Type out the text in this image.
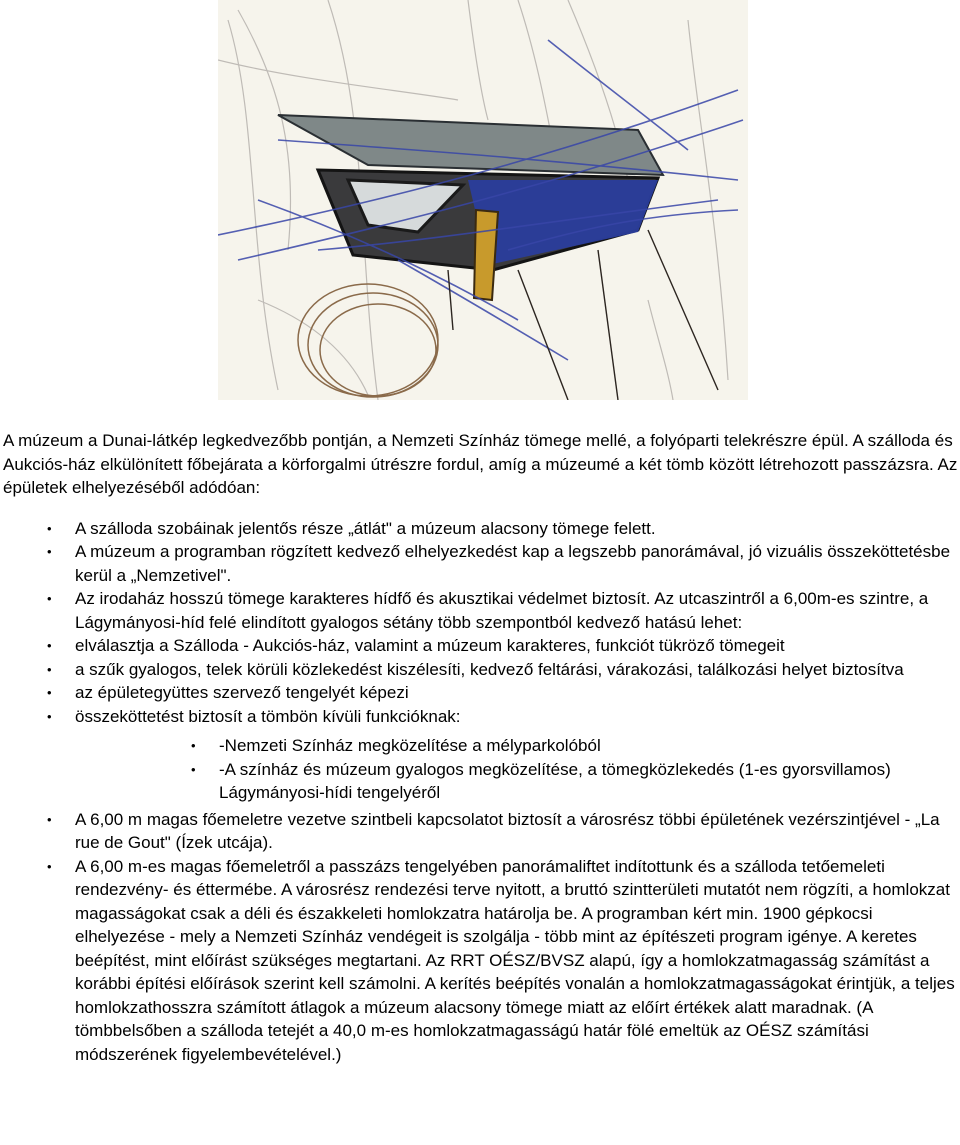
A múzeum a Dunai-látkép legkedvezőbb pontján, a Nemzeti Színház tömege mellé, a folyóparti telekrészre épül. A szálloda és Aukciós-ház elkülönített főbejárata a körforgalmi útrészre fordul, amíg a múzeumé a két tömb között létrehozott passzázsra. Az épületek elhelyezéséből adódóan:

• A szálloda szobáinak jelentős része „átlát" a múzeum alacsony tömege felett.
• A múzeum a programban rögzített kedvező elhelyezkedést kap a legszebb panorámával, jó vizuális összeköttetésbe kerül a „Nemzetivel".
• Az irodaház hosszú tömege karakteres hídfő és akusztikai védelmet biztosít. Az utcaszintről a 6,00m-es szintre, a Lágymányosi-híd felé elindított gyalogos sétány több szempontból kedvező hatású lehet:
• elválasztja a Szálloda - Aukciós-ház, valamint a múzeum karakteres, funkciót tükröző tömegeit
• a szűk gyalogos, telek körüli közlekedést kiszélesíti, kedvező feltárási, várakozási, találkozási helyet biztosítva
• az épületegyüttes szervező tengelyét képezi
• összeköttetést biztosít a tömbön kívüli funkcióknak:
• -Nemzeti Színház megközelítése a mélyparkolóból
• -A színház és múzeum gyalogos megközelítése, a tömegközlekedés (1-es gyorsvillamos) Lágymányosi-hídi tengelyéről
• A 6,00 m magas főemeletre vezetve szintbeli kapcsolatot biztosít a városrész többi épületének vezérszintjével - „La rue de Gout" (Ízek utcája).
• A 6,00 m-es magas főemeletről a passzázs tengelyében panorámaliftet indítottunk és a szálloda tetőemeleti rendezvény- és éttermébe. A városrész rendezési terve nyitott, a bruttó szintterületi mutatót nem rögzíti, a homlokzat magasságokat csak a déli és északkeleti homlokzatra határolja be. A programban kért min. 1900 gépkocsi elhelyezése - mely a Nemzeti Színház vendégeit is szolgálja - több mint az építészeti program igénye. A keretes beépítést, mint előírást szükséges megtartani. Az RRT OÉSZ/BVSZ alapú, így a homlokzatmagasság számítást a korábbi építési előírások szerint kell számolni. A kerítés beépítés vonalán a homlokzatmagasságokat érintjük, a teljes homlokzathosszra számított átlagok a múzeum alacsony tömege miatt az előírt értékek alatt maradnak. (A tömbbelsőben a szálloda tetejét a 40,0 m-es homlokzatmagasságú határ fölé emeltük az OÉSZ számítási módszerének figyelembevételével.)
